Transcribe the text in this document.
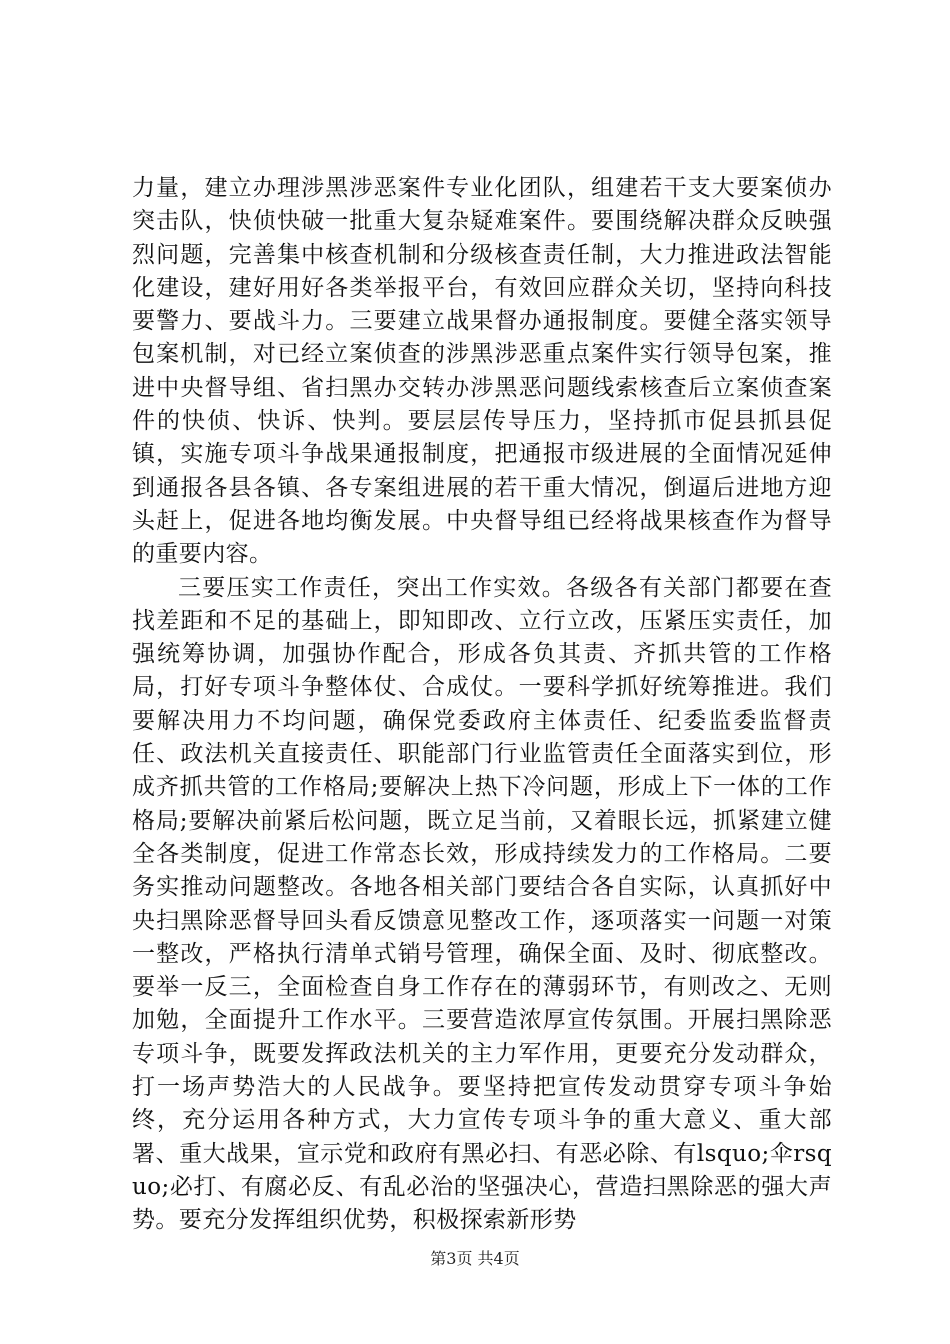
力量，建立办理涉黑涉恶案件专业化团队，组建若干支大要案侦办突击队，快侦快破一批重大复杂疑难案件。要围绕解决群众反映强烈问题，完善集中核查机制和分级核查责任制，大力推进政法智能化建设，建好用好各类举报平台，有效回应群众关切，坚持向科技要警力、要战斗力。三要建立战果督办通报制度。要健全落实领导包案机制，对已经立案侦查的涉黑涉恶重点案件实行领导包案，推进中央督导组、省扫黑办交转办涉黑恶问题线索核查后立案侦查案件的快侦、快诉、快判。要层层传导压力，坚持抓市促县抓县促镇，实施专项斗争战果通报制度，把通报市级进展的全面情况延伸到通报各县各镇、各专案组进展的若干重大情况，倒逼后进地方迎头赶上，促进各地均衡发展。中央督导组已经将战果核查作为督导的重要内容。

三要压实工作责任，突出工作实效。各级各有关部门都要在查找差距和不足的基础上，即知即改、立行立改，压紧压实责任，加强统筹协调，加强协作配合，形成各负其责、齐抓共管的工作格局，打好专项斗争整体仗、合成仗。一要科学抓好统筹推进。我们要解决用力不均问题，确保党委政府主体责任、纪委监委监督责任、政法机关直接责任、职能部门行业监管责任全面落实到位，形成齐抓共管的工作格局;要解决上热下冷问题，形成上下一体的工作格局;要解决前紧后松问题，既立足当前，又着眼长远，抓紧建立健全各类制度，促进工作常态长效，形成持续发力的工作格局。二要务实推动问题整改。各地各相关部门要结合各自实际，认真抓好中央扫黑除恶督导回头看反馈意见整改工作，逐项落实一问题一对策一整改，严格执行清单式销号管理，确保全面、及时、彻底整改。要举一反三，全面检查自身工作存在的薄弱环节，有则改之、无则加勉，全面提升工作水平。三要营造浓厚宣传氛围。开展扫黑除恶专项斗争，既要发挥政法机关的主力军作用，更要充分发动群众，打一场声势浩大的人民战争。要坚持把宣传发动贯穿专项斗争始终，充分运用各种方式，大力宣传专项斗争的重大意义、重大部署、重大战果，宣示党和政府有黑必扫、有恶必除、有lsquo;伞rsquo;必打、有腐必反、有乱必治的坚强决心，营造扫黑除恶的强大声势。要充分发挥组织优势，积极探索新形势

第3页 共4页
